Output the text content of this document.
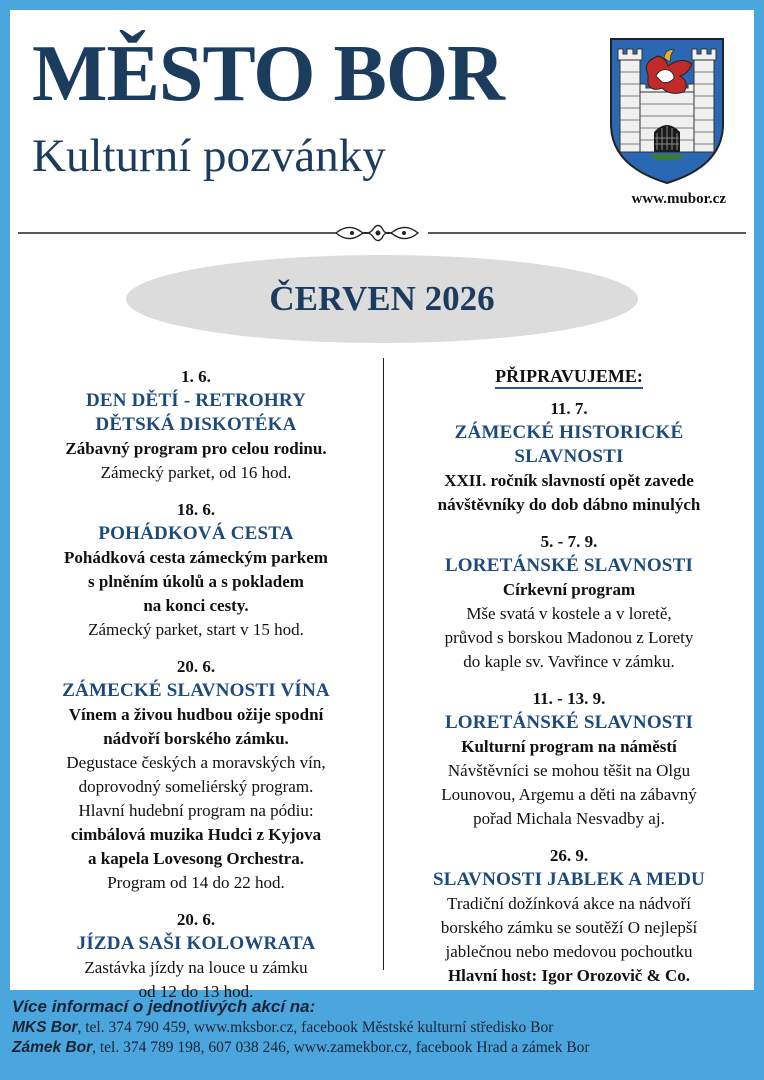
MĚSTO BOR
Kulturní pozvánky
www.mubor.cz
ČERVEN 2026
1. 6.
DEN DĚTÍ - RETROHRY
DĚTSKÁ DISKOTÉKA
Zábavný program pro celou rodinu.
Zámecký parket, od 16 hod.
18. 6.
POHÁDKOVÁ CESTA
Pohádková cesta zámeckým parkem
s plněním úkolů a s pokladem
na konci cesty.
Zámecký parket, start v 15 hod.
20. 6.
ZÁMECKÉ SLAVNOSTI VÍNA
Vínem a živou hudbou ožije spodní
nádvoří borského zámku.
Degustace českých a moravských vín,
doprovodný someliérský program.
Hlavní hudební program na pódiu:
cimbálová muzika Hudci z Kyjova
a kapela Lovesong Orchestra.
Program od 14 do 22 hod.
20. 6.
JÍZDA SAŠI KOLOWRATA
Zastávka jízdy na louce u zámku
od 12 do 13 hod.
PŘIPRAVUJEME:
11. 7.
ZÁMECKÉ HISTORICKÉ
SLAVNOSTI
XXII. ročník slavností opět zavede
návštěvníky do dob dábno minulých
5. - 7. 9.
LORETÁNSKÉ SLAVNOSTI
Církevní program
Mše svatá v kostele a v loretě,
průvod s borskou Madonou z Lorety
do kaple sv. Vavřince v zámku.
11. - 13. 9.
LORETÁNSKÉ SLAVNOSTI
Kulturní program na náměstí
Návštěvníci se mohou těšit na Olgu
Lounovou, Argemu a děti na zábavný
pořad Michala Nesvadby aj.
26. 9.
SLAVNOSTI JABLEK A MEDU
Tradiční dožínková akce na nádvoří
borského zámku se soutěží O nejlepší
jablečnou nebo medovou pochoutku
Hlavní host: Igor Orozovič & Co.
Více informací o jednotlivých akcí na:
MKS Bor, tel. 374 790 459, www.mksbor.cz, facebook Městské kulturní středisko Bor
Zámek Bor, tel. 374 789 198, 607 038 246, www.zamekbor.cz, facebook Hrad a zámek Bor
